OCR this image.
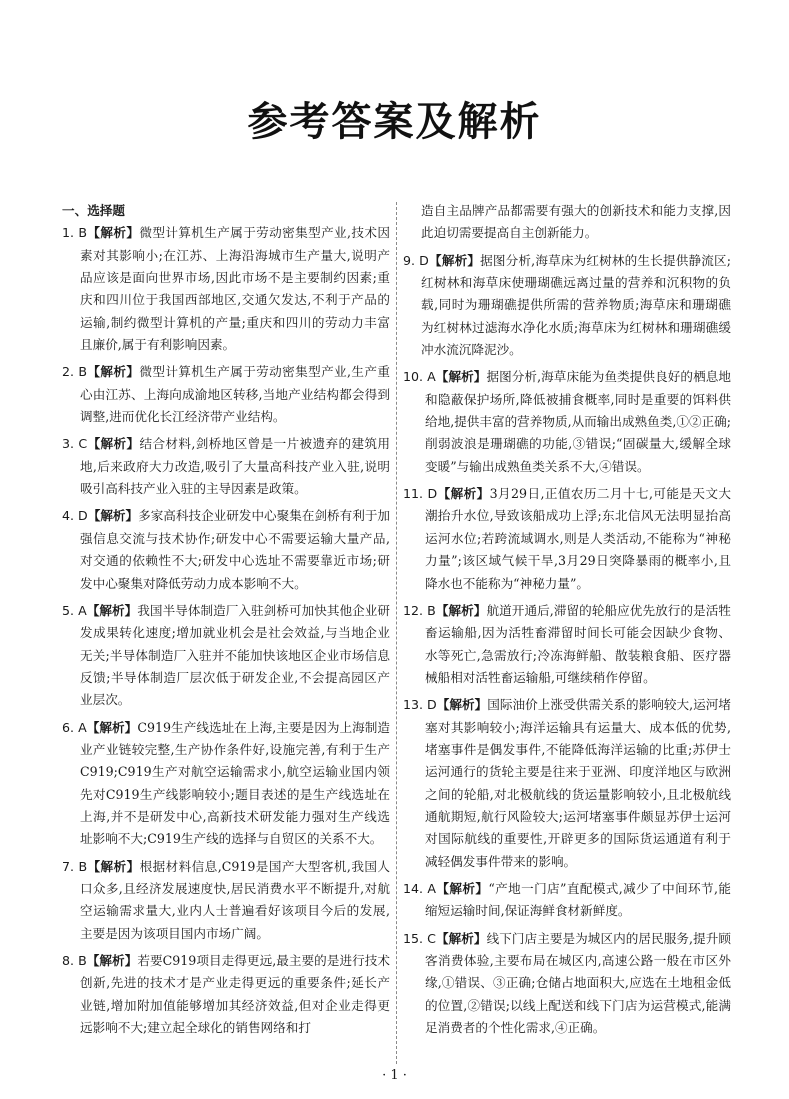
参考答案及解析

一、选择题

1. B【解析】微型计算机生产属于劳动密集型产业,技术因素对其影响小;在江苏、上海沿海城市生产量大,说明产品应该是面向世界市场,因此市场不是主要制约因素;重庆和四川位于我国西部地区,交通欠发达,不利于产品的运输,制约微型计算机的产量;重庆和四川的劳动力丰富且廉价,属于有利影响因素。

2. B【解析】微型计算机生产属于劳动密集型产业,生产重心由江苏、上海向成渝地区转移,当地产业结构都会得到调整,进而优化长江经济带产业结构。

3. C【解析】结合材料,剑桥地区曾是一片被遗弃的建筑用地,后来政府大力改造,吸引了大量高科技产业入驻,说明吸引高科技产业入驻的主导因素是政策。

4. D【解析】多家高科技企业研发中心聚集在剑桥有利于加强信息交流与技术协作;研发中心不需要运输大量产品,对交通的依赖性不大;研发中心选址不需要靠近市场;研发中心聚集对降低劳动力成本影响不大。

5. A【解析】我国半导体制造厂入驻剑桥可加快其他企业研发成果转化速度;增加就业机会是社会效益,与当地企业无关;半导体制造厂入驻并不能加快该地区企业市场信息反馈;半导体制造厂层次低于研发企业,不会提高园区产业层次。

6. A【解析】C919生产线选址在上海,主要是因为上海制造业产业链较完整,生产协作条件好,设施完善,有利于生产C919;C919生产对航空运输需求小,航空运输业国内领先对C919生产线影响较小;题目表述的是生产线选址在上海,并不是研发中心,高新技术研发能力强对生产线选址影响不大;C919生产线的选择与自贸区的关系不大。

7. B【解析】根据材料信息,C919是国产大型客机,我国人口众多,且经济发展速度快,居民消费水平不断提升,对航空运输需求量大,业内人士普遍看好该项目今后的发展,主要是因为该项目国内市场广阔。

8. B【解析】若要C919项目走得更远,最主要的是进行技术创新,先进的技术才是产业走得更远的重要条件;延长产业链,增加附加值能够增加其经济效益,但对企业走得更远影响不大;建立起全球化的销售网络和打

造自主品牌产品都需要有强大的创新技术和能力支撑,因此迫切需要提高自主创新能力。

9. D【解析】据图分析,海草床为红树林的生长提供静流区;红树林和海草床使珊瑚礁远离过量的营养和沉积物的负载,同时为珊瑚礁提供所需的营养物质;海草床和珊瑚礁为红树林过滤海水净化水质;海草床为红树林和珊瑚礁缓冲水流沉降泥沙。

10. A【解析】据图分析,海草床能为鱼类提供良好的栖息地和隐蔽保护场所,降低被捕食概率,同时是重要的饵料供给地,提供丰富的营养物质,从而输出成熟鱼类,①②正确;削弱波浪是珊瑚礁的功能,③错误;“固碳量大,缓解全球变暖”与输出成熟鱼类关系不大,④错误。

11. D【解析】3月29日,正值农历二月十七,可能是天文大潮抬升水位,导致该船成功上浮;东北信风无法明显抬高运河水位;若跨流域调水,则是人类活动,不能称为“神秘力量”;该区域气候干旱,3月29日突降暴雨的概率小,且降水也不能称为“神秘力量”。

12. B【解析】航道开通后,滞留的轮船应优先放行的是活牲畜运输船,因为活牲畜滞留时间长可能会因缺少食物、水等死亡,急需放行;冷冻海鲜船、散装粮食船、医疗器械船相对活牲畜运输船,可继续稍作停留。

13. D【解析】国际油价上涨受供需关系的影响较大,运河堵塞对其影响较小;海洋运输具有运量大、成本低的优势,堵塞事件是偶发事件,不能降低海洋运输的比重;苏伊士运河通行的货轮主要是往来于亚洲、印度洋地区与欧洲之间的轮船,对北极航线的货运量影响较小,且北极航线通航期短,航行风险较大;运河堵塞事件颇显苏伊士运河对国际航线的重要性,开辟更多的国际货运通道有利于减轻偶发事件带来的影响。

14. A【解析】“产地一门店”直配模式,减少了中间环节,能缩短运输时间,保证海鲜食材新鲜度。

15. C【解析】线下门店主要是为城区内的居民服务,提升顾客消费体验,主要布局在城区内,高速公路一般在市区外缘,①错误、③正确;仓储占地面积大,应选在土地租金低的位置,②错误;以线上配送和线下门店为运营模式,能满足消费者的个性化需求,④正确。

· 1 ·
